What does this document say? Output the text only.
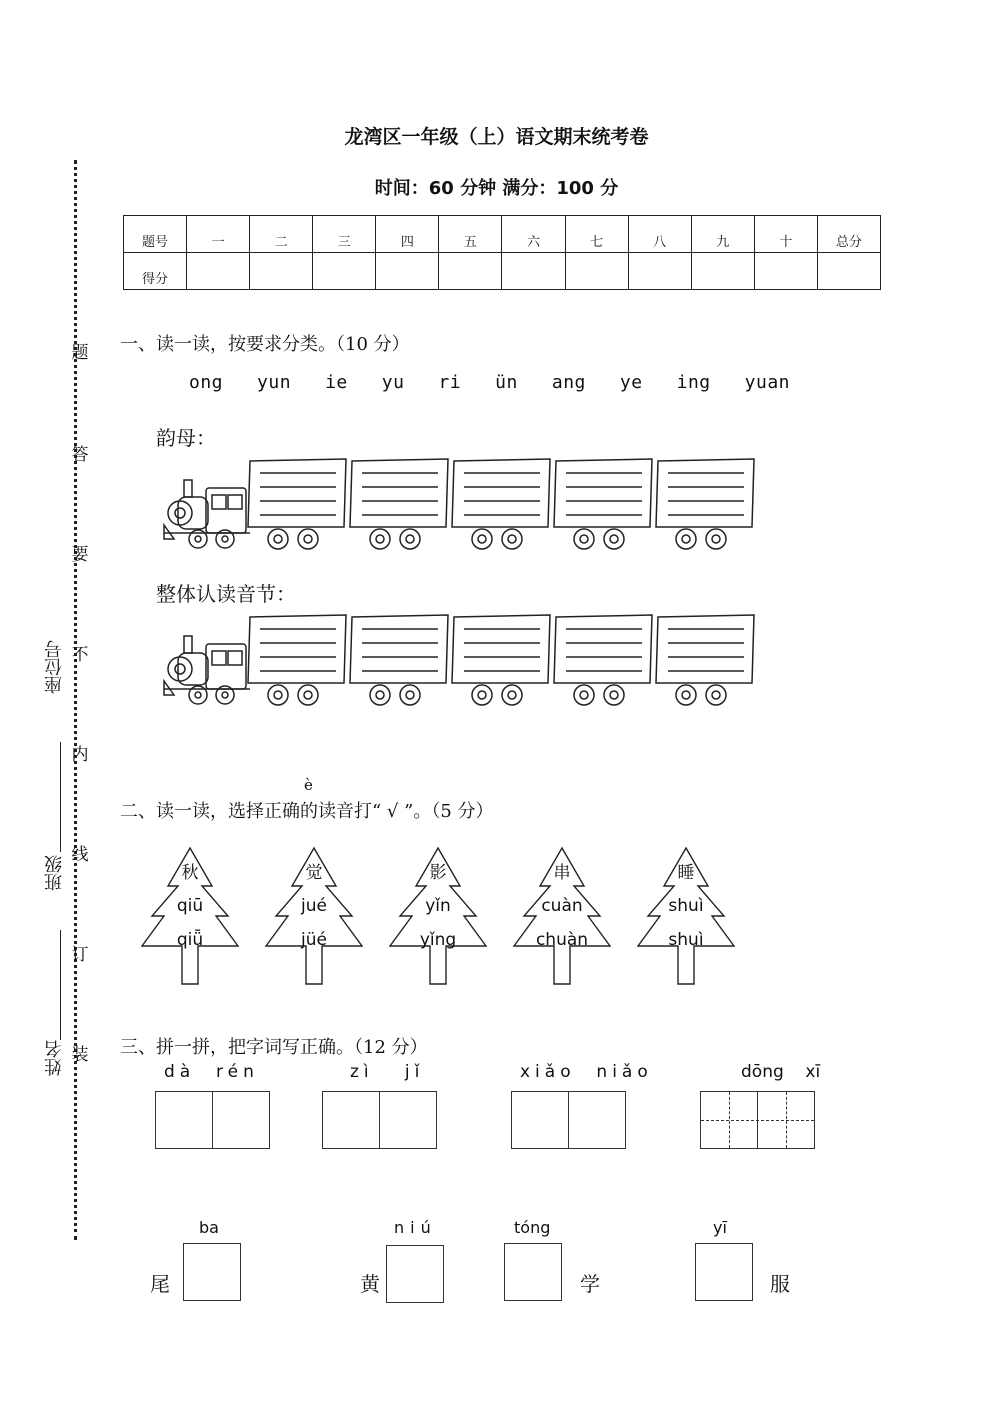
题
答
要
不
内
线
订
装
座位号
班级
姓名
龙湾区一年级（上）语文期末统考卷
时间：60 分钟 满分：100 分
题号	一	二	三	四	五	六	七	八	九	十	总分
得分											
一、读一读，按要求分类。（10 分）
ong yun ie yu ri ün ang ye ing yuan
韵母：
整体认读音节：
è
二、读一读，选择正确的读音打“ √ ”。（5 分）
秋
qiū
qiǖ
觉
jué
jüé
影
yǐn
yǐng
串
cuàn
chuàn
睡
shuì
shuì
三、拼一拼，把字词写正确。（12 分）
dà rén	zì jǐ	xiǎo niǎo	dōng xī
ba
尾
niú
黄
tóng
学
yī
服
